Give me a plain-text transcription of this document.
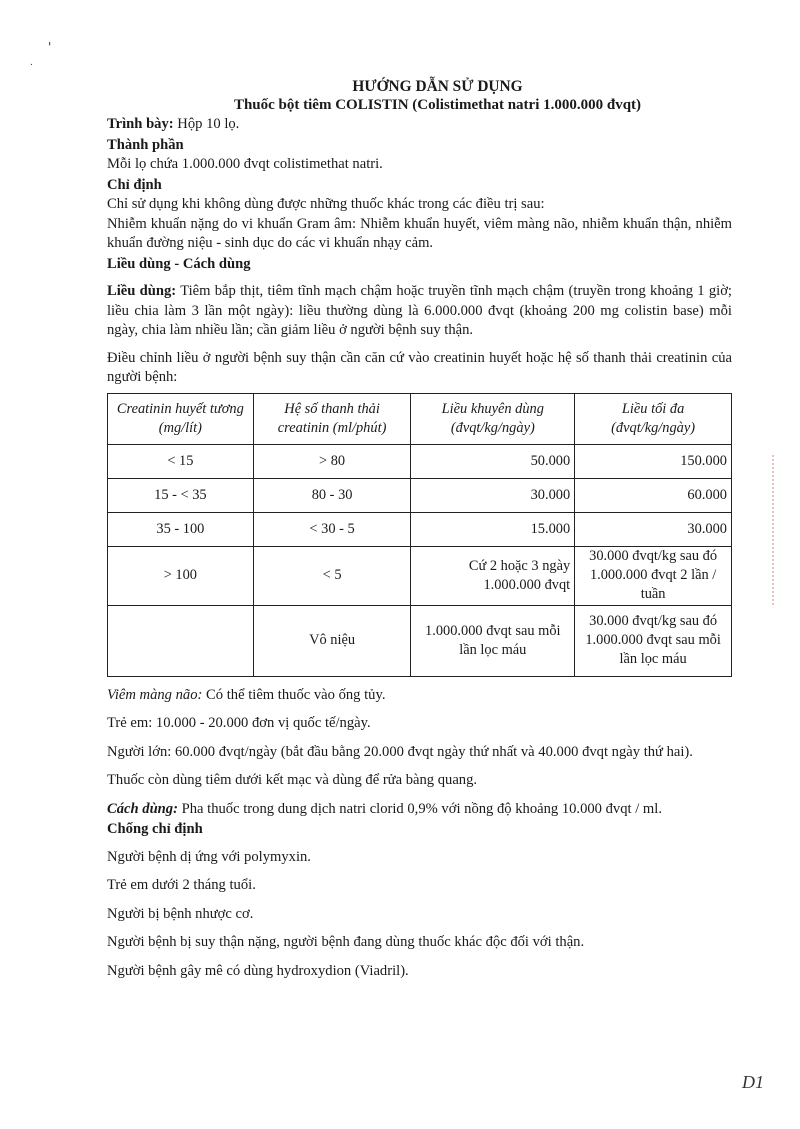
'
.
HƯỚNG DẪN SỬ DỤNG
Thuốc bột tiêm COLISTIN (Colistimethat natri 1.000.000 đvqt)

Trình bày: Hộp 10 lọ.

Thành phần

Mỗi lọ chứa 1.000.000 đvqt colistimethat natri.

Chỉ định

Chỉ sử dụng khi không dùng được những thuốc khác trong các điều trị sau:

Nhiễm khuẩn nặng do vi khuẩn Gram âm: Nhiễm khuẩn huyết, viêm màng não, nhiễm khuẩn thận, nhiễm khuẩn đường niệu - sinh dục do các vi khuẩn nhạy cảm.

Liều dùng - Cách dùng

Liều dùng: Tiêm bắp thịt, tiêm tĩnh mạch chậm hoặc truyền tĩnh mạch chậm (truyền trong khoảng 1 giờ; liều chia làm 3 lần một ngày): liều thường dùng là 6.000.000 đvqt (khoảng 200 mg colistin base) mỗi ngày, chia làm nhiều lần; cần giảm liều ở người bệnh suy thận.

Điều chỉnh liều ở người bệnh suy thận cần căn cứ vào creatinin huyết hoặc hệ số thanh thải creatinin của người bệnh:

Creatinin huyết tương (mg/lít)	Hệ số thanh thải creatinin (ml/phút)	Liều khuyên dùng (đvqt/kg/ngày)	Liều tối đa (đvqt/kg/ngày)
< 15	> 80	50.000	150.000
15 - < 35	80 - 30	30.000	60.000
35 - 100	< 30 - 5	15.000	30.000
> 100	< 5	Cứ 2 hoặc 3 ngày 1.000.000 đvqt	30.000 đvqt/kg sau đó 1.000.000 đvqt 2 lần / tuần
	Vô niệu	1.000.000 đvqt sau mỗi lần lọc máu	30.000 đvqt/kg sau đó 1.000.000 đvqt sau mỗi lần lọc máu

Viêm màng não: Có thể tiêm thuốc vào ống tủy.

Trẻ em: 10.000 - 20.000 đơn vị quốc tế/ngày.

Người lớn: 60.000 đvqt/ngày (bắt đầu bằng 20.000 đvqt ngày thứ nhất và 40.000 đvqt ngày thứ hai).

Thuốc còn dùng tiêm dưới kết mạc và dùng để rửa bàng quang.

Cách dùng: Pha thuốc trong dung dịch natri clorid 0,9% với nồng độ khoảng 10.000 đvqt / ml.

Chống chỉ định

Người bệnh dị ứng với polymyxin.

Trẻ em dưới 2 tháng tuổi.

Người bị bệnh nhược cơ.

Người bệnh bị suy thận nặng, người bệnh đang dùng thuốc khác độc đối với thận.

Người bệnh gây mê có dùng hydroxydion (Viadril).

D1
